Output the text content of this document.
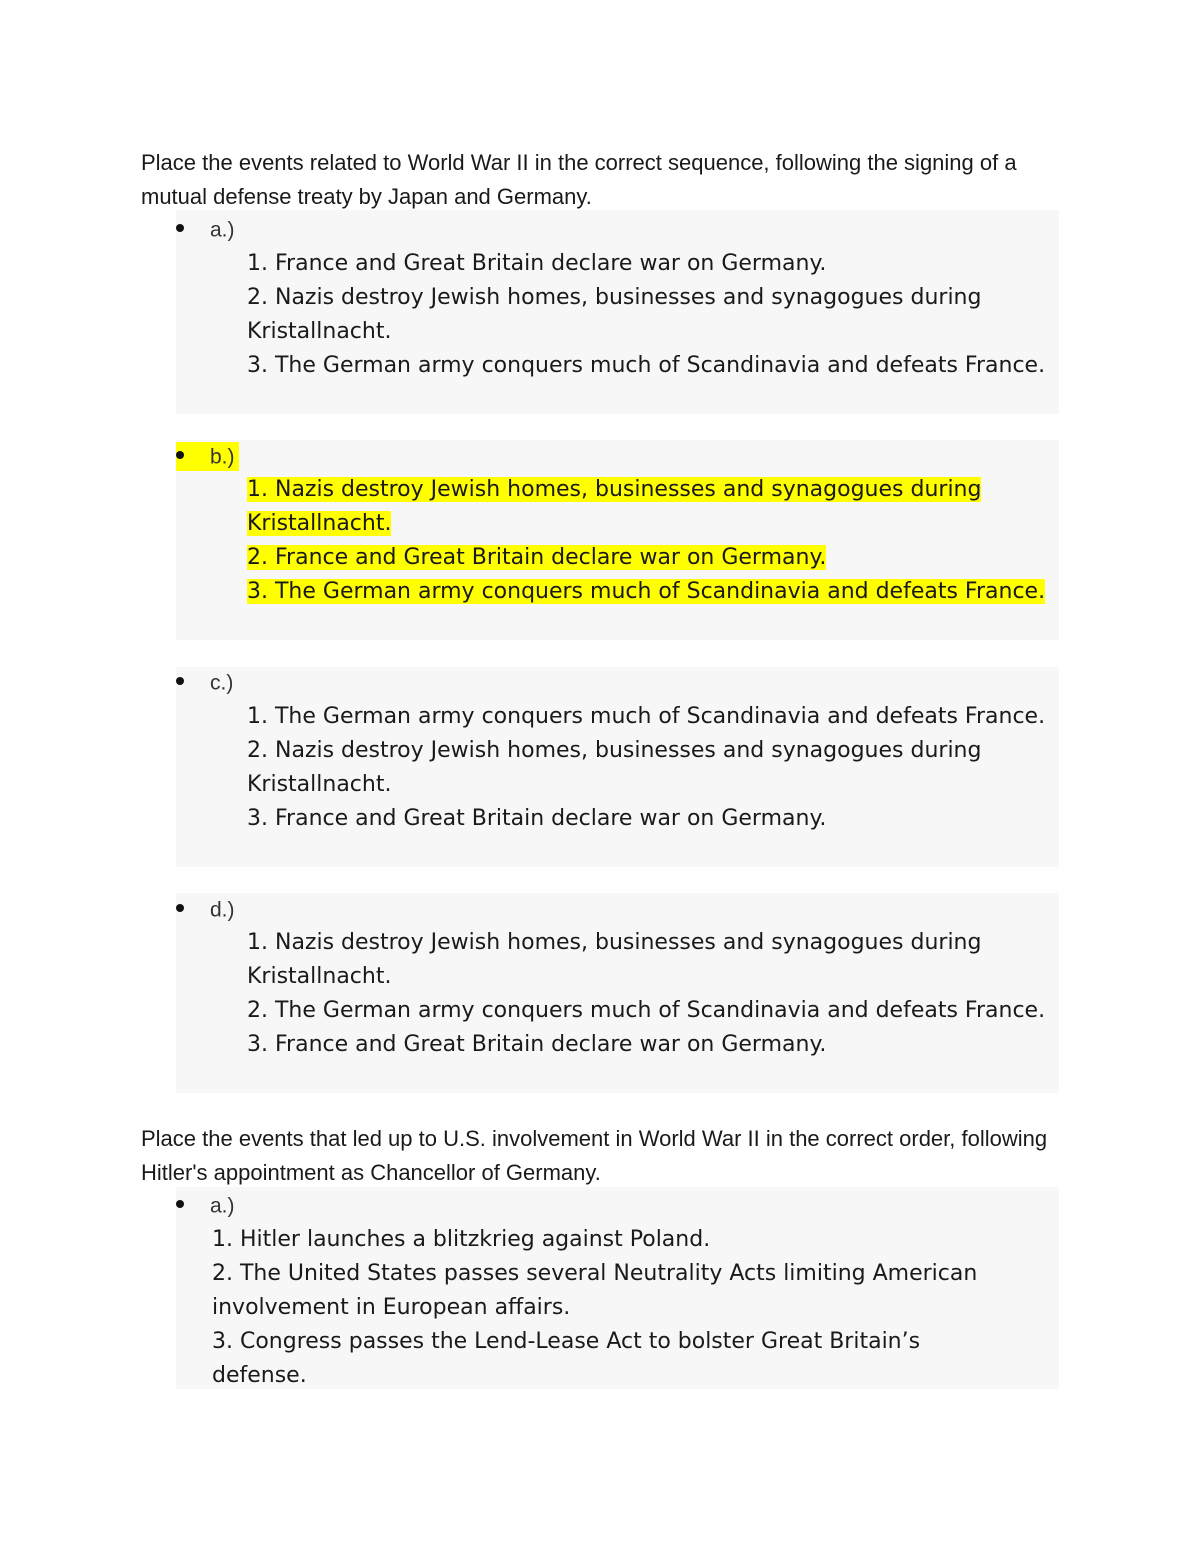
Place the events related to World War II in the correct sequence, following the signing of a mutual defense treaty by Japan and Germany.

a.)

1. France and Great Britain declare war on Germany.

2. Nazis destroy Jewish homes, businesses and synagogues during Kristallnacht.

3. The German army conquers much of Scandinavia and defeats France.

b.)

1. Nazis destroy Jewish homes, businesses and synagogues during Kristallnacht.

2. France and Great Britain declare war on Germany.

3. The German army conquers much of Scandinavia and defeats France.

c.)

1. The German army conquers much of Scandinavia and defeats France.

2. Nazis destroy Jewish homes, businesses and synagogues during Kristallnacht.

3. France and Great Britain declare war on Germany.

d.)

1. Nazis destroy Jewish homes, businesses and synagogues during Kristallnacht.

2. The German army conquers much of Scandinavia and defeats France.

3. France and Great Britain declare war on Germany.

Place the events that led up to U.S. involvement in World War II in the correct order, following Hitler's appointment as Chancellor of Germany.

a.)

1. Hitler launches a blitzkrieg against Poland.

2. The United States passes several Neutrality Acts limiting American involvement in European affairs.

3. Congress passes the Lend-Lease Act to bolster Great Britain’s defense.
